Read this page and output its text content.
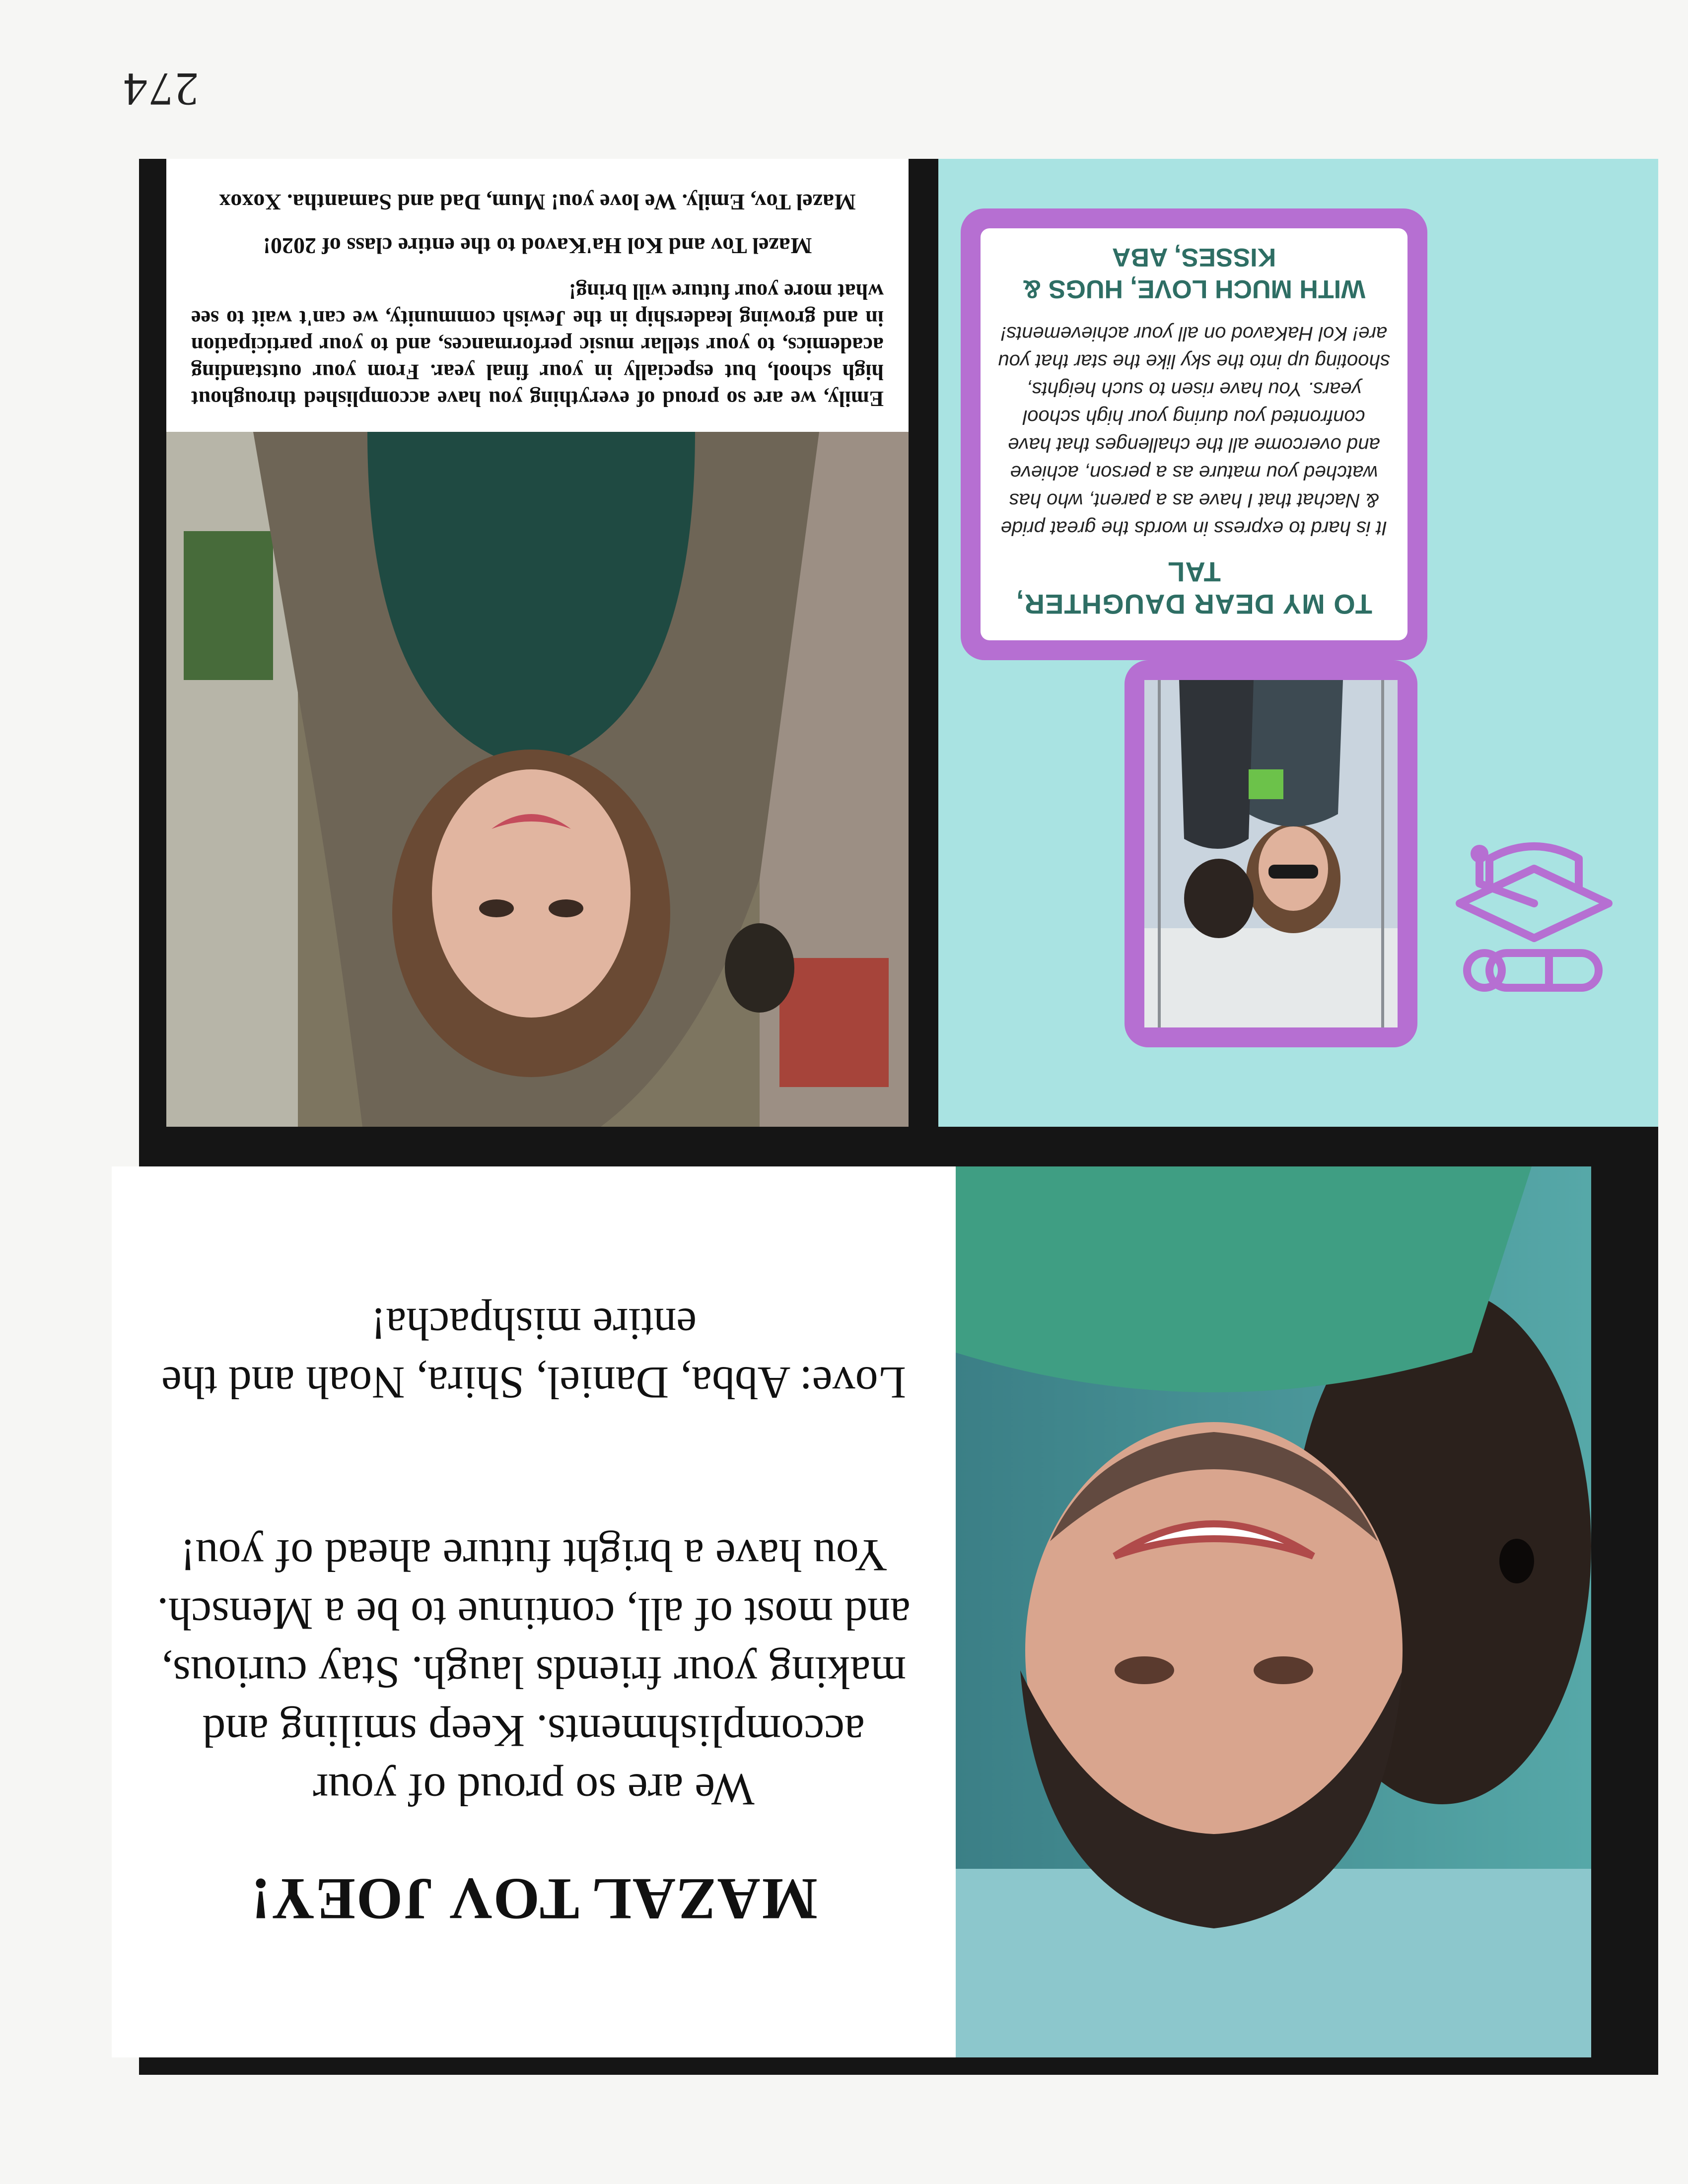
274
MAZAL TOV JOEY!

We are so proud of your accomplishments. Keep smiling and making your friends laugh. Stay curious, and most of all, continue to be a Mensch. You have a bright future ahead of you!

Love: Abba, Daniel, Shira, Noah and the entire mishpacha!

Emily, we are so proud of everything you have accomplished throughout high school, but especially in your final year. From your outstanding academics, to your stellar music performances, and to your participation in and growing leadership in the Jewish community, we can't wait to see what more your future will bring!

Mazel Tov and Kol Ha'Kavod to the entire class of 2020!

Mazel Tov, Emily. We love you! Mum, Dad and Samantha. Xoxox

TO MY DEAR DAUGHTER, TAL

It is hard to express in words the great pride & Nachat that I have as a parent, who has watched you mature as a person, achieve and overcome all the challenges that have confronted you during your high school years. You have risen to such heights, shooting up into the sky like the star that you are! Kol HaKavod on all your achievements!

WITH MUCH LOVE, HUGS & KISSES, ABA
